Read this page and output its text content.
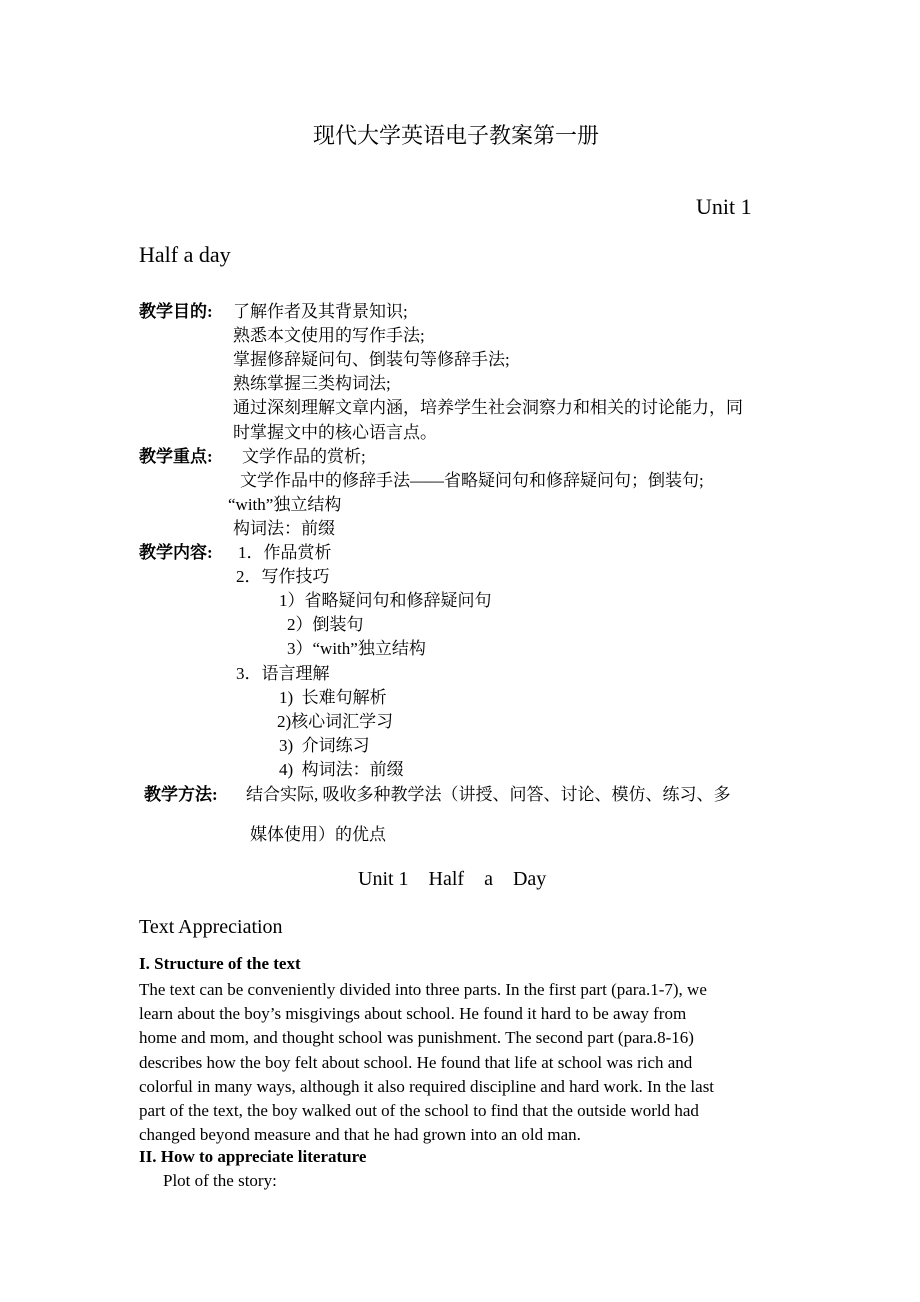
现代大学英语电子教案第一册
Unit 1
Half a day
教学目的: 了解作者及其背景知识;
熟悉本文使用的写作手法;
掌握修辞疑问句、倒装句等修辞手法;
熟练掌握三类构词法;
通过深刻理解文章内涵，培养学生社会洞察力和相关的讨论能力，同
时掌握文中的核心语言点。
教学重点: 文学作品的赏析;
文学作品中的修辞手法——省略疑问句和修辞疑问句；倒装句;
“with”独立结构
构词法：前缀
教学内容: 1．作品赏析
2．写作技巧
1）省略疑问句和修辞疑问句
2）倒装句
3）“with”独立结构
3．语言理解
1)  长难句解析
2)核心词汇学习
3)  介词练习
4)  构词法：前缀
教学方法: 结合实际, 吸收多种教学法（讲授、问答、讨论、模仿、练习、多
媒体使用）的优点
Unit 1    Half    a    Day
Text Appreciation
I. Structure of the text
The text can be conveniently divided into three parts. In the first part (para.1-7), we
learn about the boy’s misgivings about school. He found it hard to be away from
home and mom, and thought school was punishment. The second part (para.8-16)
describes how the boy felt about school. He found that life at school was rich and
colorful in many ways, although it also required discipline and hard work. In the last
part of the text, the boy walked out of the school to find that the outside world had
changed beyond measure and that he had grown into an old man.
II. How to appreciate literature
Plot of the story:
